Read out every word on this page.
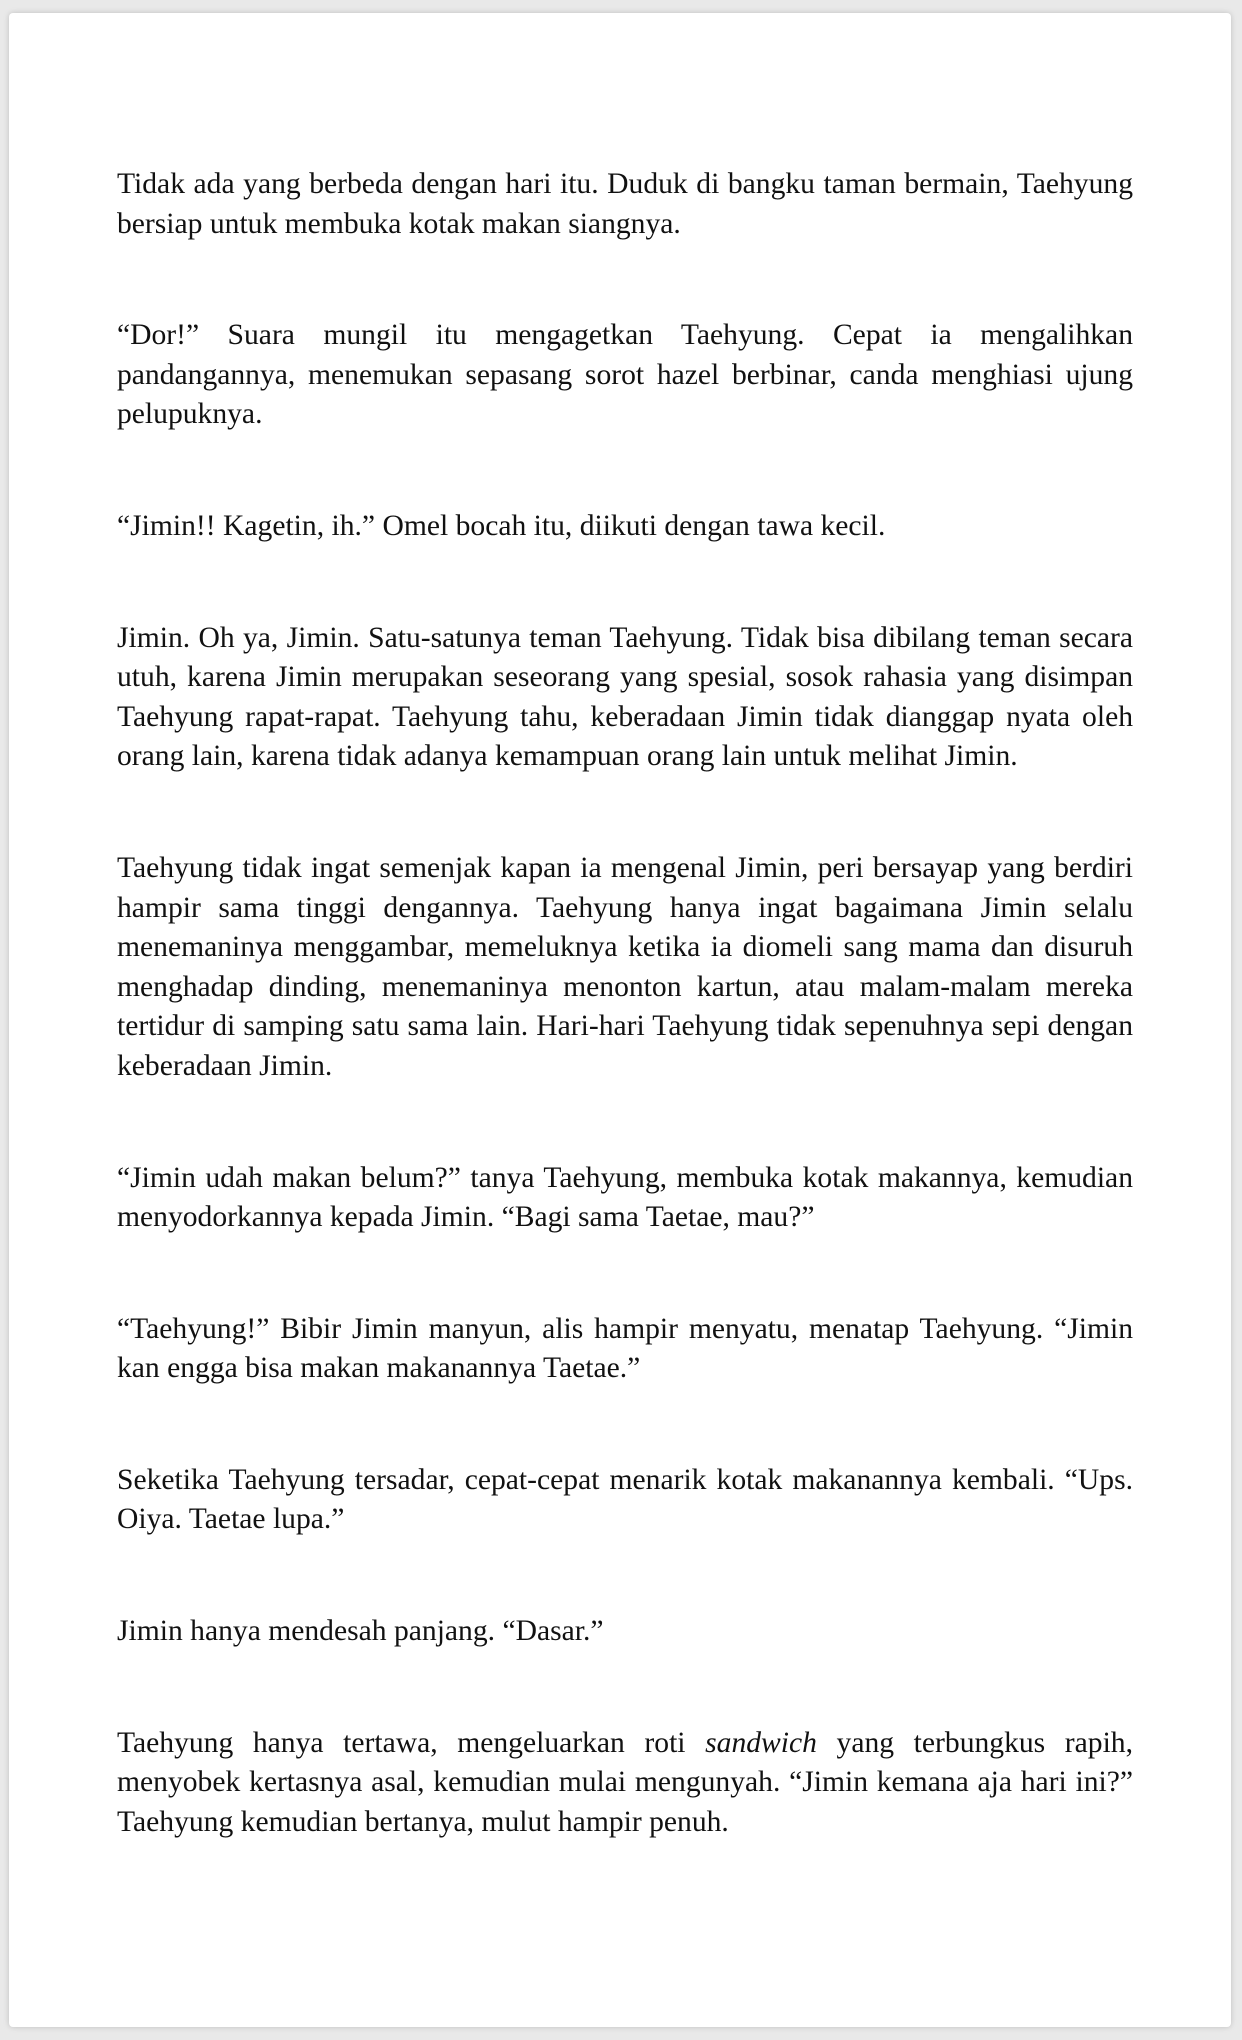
Tidak ada yang berbeda dengan hari itu. Duduk di bangku taman bermain, Taehyung bersiap untuk membuka kotak makan siangnya.

“Dor!” Suara mungil itu mengagetkan Taehyung. Cepat ia mengalihkan pandangannya, menemukan sepasang sorot hazel berbinar, canda menghiasi ujung pelupuknya.

“Jimin!! Kagetin, ih.” Omel bocah itu, diikuti dengan tawa kecil.

Jimin. Oh ya, Jimin. Satu-satunya teman Taehyung. Tidak bisa dibilang teman secara utuh, karena Jimin merupakan seseorang yang spesial, sosok rahasia yang disimpan Taehyung rapat-rapat. Taehyung tahu, keberadaan Jimin tidak dianggap nyata oleh orang lain, karena tidak adanya kemampuan orang lain untuk melihat Jimin.

Taehyung tidak ingat semenjak kapan ia mengenal Jimin, peri bersayap yang berdiri hampir sama tinggi dengannya. Taehyung hanya ingat bagaimana Jimin selalu menemaninya menggambar, memeluknya ketika ia diomeli sang mama dan disuruh menghadap dinding, menemaninya menonton kartun, atau malam-malam mereka tertidur di samping satu sama lain. Hari-hari Taehyung tidak sepenuhnya sepi dengan keberadaan Jimin.

“Jimin udah makan belum?” tanya Taehyung, membuka kotak makannya, kemudian menyodorkannya kepada Jimin. “Bagi sama Taetae, mau?”

“Taehyung!” Bibir Jimin manyun, alis hampir menyatu, menatap Taehyung. “Jimin kan engga bisa makan makanannya Taetae.”

Seketika Taehyung tersadar, cepat-cepat menarik kotak makanannya kembali. “Ups. Oiya. Taetae lupa.”

Jimin hanya mendesah panjang. “Dasar.”

Taehyung hanya tertawa, mengeluarkan roti sandwich yang terbungkus rapih, menyobek kertasnya asal, kemudian mulai mengunyah. “Jimin kemana aja hari ini?” Taehyung kemudian bertanya, mulut hampir penuh.
